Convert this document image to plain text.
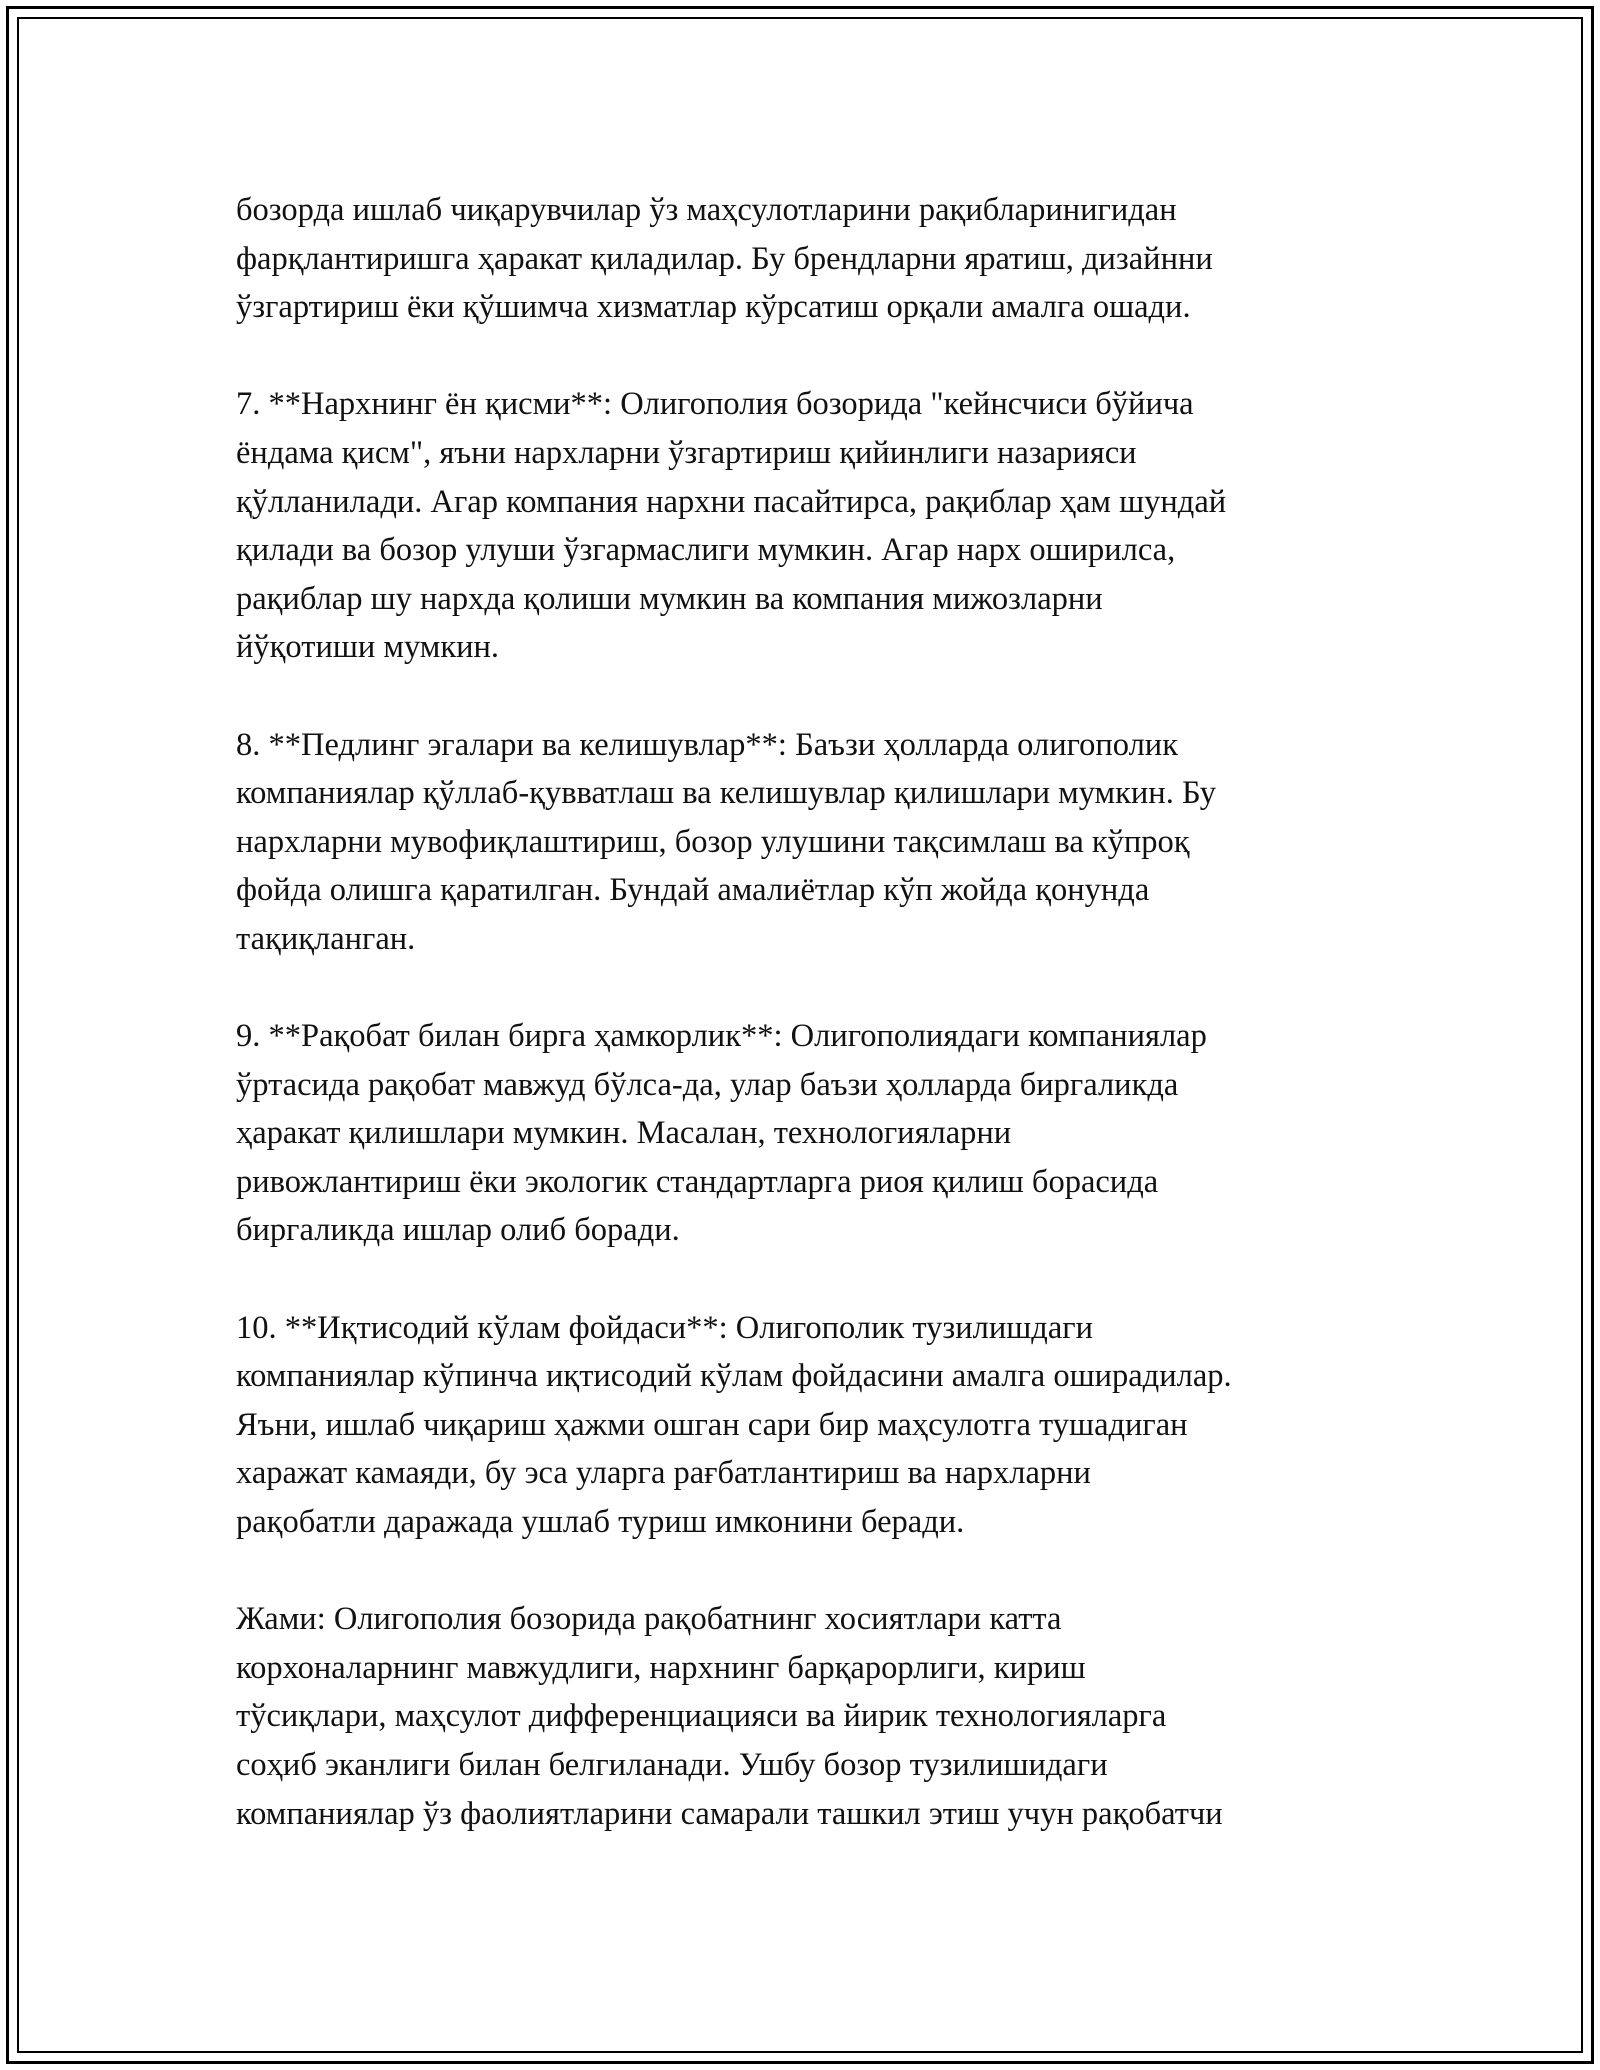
бозорда ишлаб чиқарувчилар ўз маҳсулотларини рақибларинигидан
фарқлантиришга ҳаракат қиладилар. Бу брендларни яратиш, дизайнни
ўзгартириш ёки қўшимча хизматлар кўрсатиш орқали амалга ошади.
7. **Нархнинг ён қисми**: Олигополия бозорида "кейнсчиси бўйича
ёндама қисм", яъни нархларни ўзгартириш қийинлиги назарияси
қўлланилади. Агар компания нархни пасайтирса, рақиблар ҳам шундай
қилади ва бозор улуши ўзгармаслиги мумкин. Агар нарх оширилса,
рақиблар шу нархда қолиши мумкин ва компания мижозларни
йўқотиши мумкин.
8. **Педлинг эгалари ва келишувлар**: Баъзи ҳолларда олигополик
компаниялар қўллаб-қувватлаш ва келишувлар қилишлари мумкин. Бу
нархларни мувофиқлаштириш, бозор улушини тақсимлаш ва кўпроқ
фойда олишга қаратилган. Бундай амалиётлар кўп жойда қонунда
тақиқланган.
9. **Рақобат билан бирга ҳамкорлик**: Олигополиядаги компаниялар
ўртасида рақобат мавжуд бўлса-да, улар баъзи ҳолларда биргаликда
ҳаракат қилишлари мумкин. Масалан, технологияларни
ривожлантириш ёки экологик стандартларга риоя қилиш борасида
биргаликда ишлар олиб боради.
10. **Иқтисодий кўлам фойдаси**: Олигополик тузилишдаги
компаниялар кўпинча иқтисодий кўлам фойдасини амалга оширадилар.
Яъни, ишлаб чиқариш ҳажми ошган сари бир маҳсулотга тушадиган
харажат камаяди, бу эса уларга рағбатлантириш ва нархларни
рақобатли даражада ушлаб туриш имконини беради.
Жами: Олигополия бозорида рақобатнинг хосиятлари катта
корхоналарнинг мавжудлиги, нархнинг барқарорлиги, кириш
тўсиқлари, маҳсулот дифференциацияси ва йирик технологияларга
соҳиб эканлиги билан белгиланади. Ушбу бозор тузилишидаги
компаниялар ўз фаолиятларини самарали ташкил этиш учун рақобатчи
